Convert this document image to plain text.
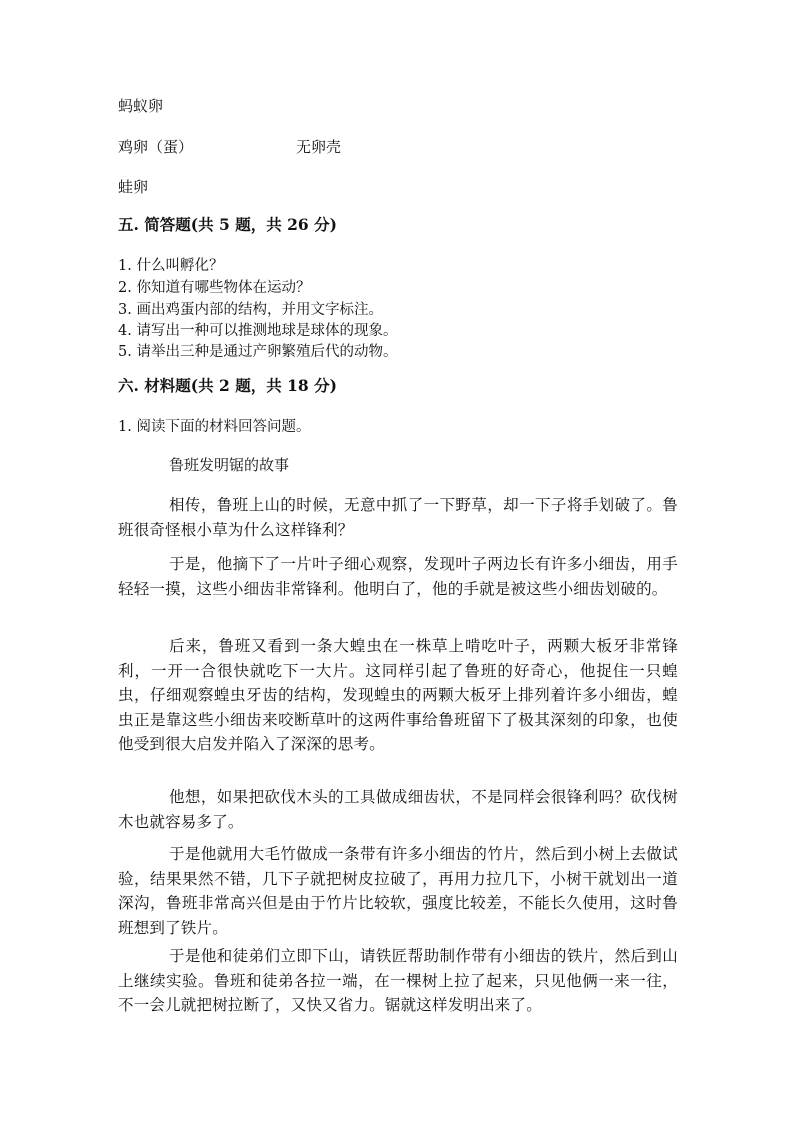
蚂蚁卵
鸡卵（蛋）	无卵壳
蛙卵
五. 简答题(共 5 题，共 26 分)
1. 什么叫孵化？
2. 你知道有哪些物体在运动？
3. 画出鸡蛋内部的结构，并用文字标注。
4. 请写出一种可以推测地球是球体的现象。
5. 请举出三种是通过产卵繁殖后代的动物。
六. 材料题(共 2 题，共 18 分)
1. 阅读下面的材料回答问题。
鲁班发明锯的故事
相传，鲁班上山的时候，无意中抓了一下野草，却一下子将手划破了。鲁班很奇怪根小草为什么这样锋利？
于是，他摘下了一片叶子细心观察，发现叶子两边长有许多小细齿，用手轻轻一摸，这些小细齿非常锋利。他明白了，他的手就是被这些小细齿划破的。
后来，鲁班又看到一条大蝗虫在一株草上啃吃叶子，两颗大板牙非常锋利，一开一合很快就吃下一大片。这同样引起了鲁班的好奇心，他捉住一只蝗虫，仔细观察蝗虫牙齿的结构，发现蝗虫的两颗大板牙上排列着许多小细齿，蝗虫正是靠这些小细齿来咬断草叶的这两件事给鲁班留下了极其深刻的印象，也使他受到很大启发并陷入了深深的思考。
他想，如果把砍伐木头的工具做成细齿状，不是同样会很锋利吗？砍伐树木也就容易多了。
于是他就用大毛竹做成一条带有许多小细齿的竹片，然后到小树上去做试验，结果果然不错，几下子就把树皮拉破了，再用力拉几下，小树干就划出一道深沟，鲁班非常高兴但是由于竹片比较软，强度比较差，不能长久使用，这时鲁班想到了铁片。
于是他和徒弟们立即下山，请铁匠帮助制作带有小细齿的铁片，然后到山上继续实验。鲁班和徒弟各拉一端，在一棵树上拉了起来，只见他俩一来一往，不一会儿就把树拉断了，又快又省力。锯就这样发明出来了。
